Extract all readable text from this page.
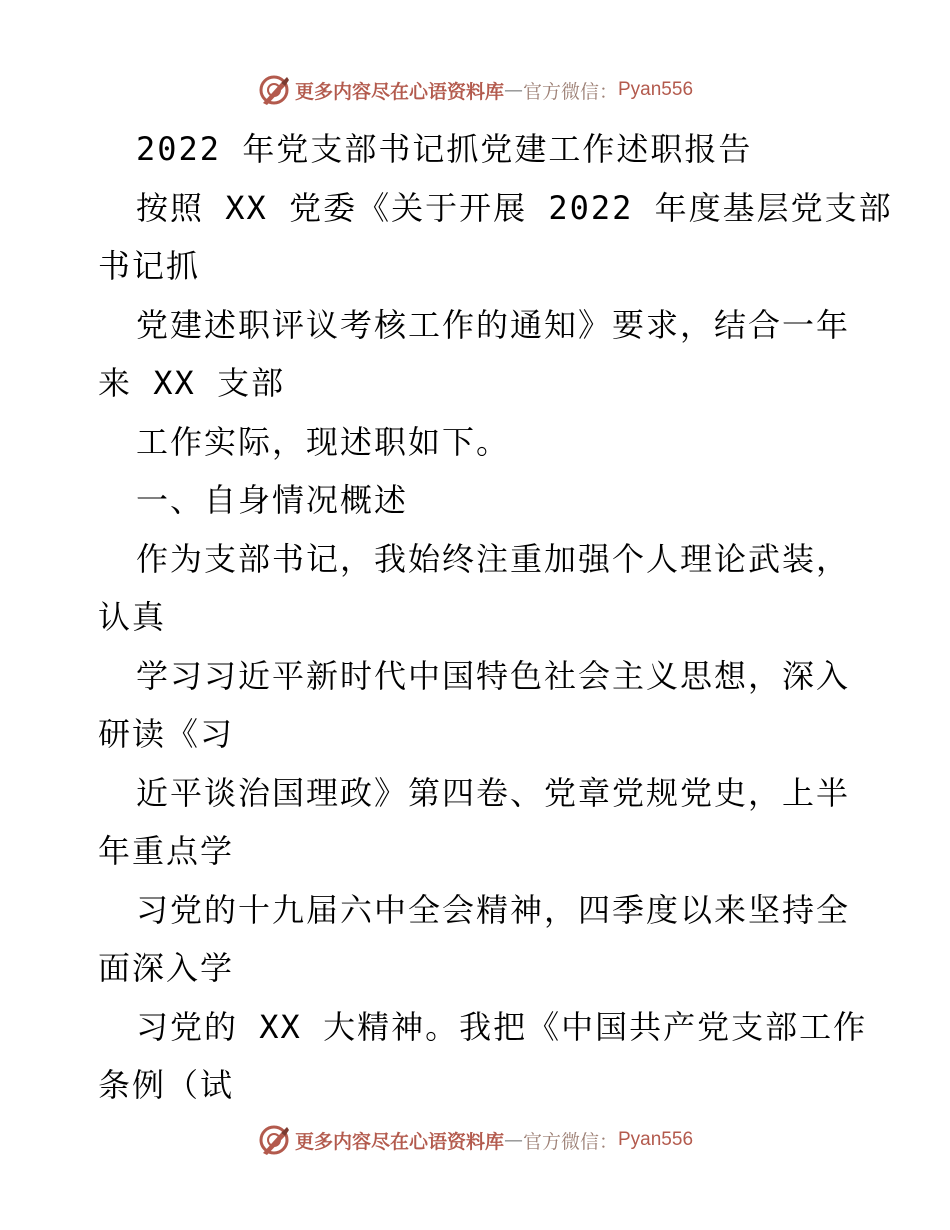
更多内容尽在心语资料库 — 官方微信： Pyan556
2022 年党支部书记抓党建工作述职报告
按照 XX 党委《关于开展 2022 年度基层党支部
书记抓
党建述职评议考核工作的通知》要求，结合一年
来 XX 支部
工作实际，现述职如下。
一、自身情况概述
作为支部书记，我始终注重加强个人理论武装，
认真
学习习近平新时代中国特色社会主义思想，深入
研读《习
近平谈治国理政》第四卷、党章党规党史，上半
年重点学
习党的十九届六中全会精神，四季度以来坚持全
面深入学
习党的 XX 大精神。我把《中国共产党支部工作
条例（试
更多内容尽在心语资料库 — 官方微信： Pyan556
